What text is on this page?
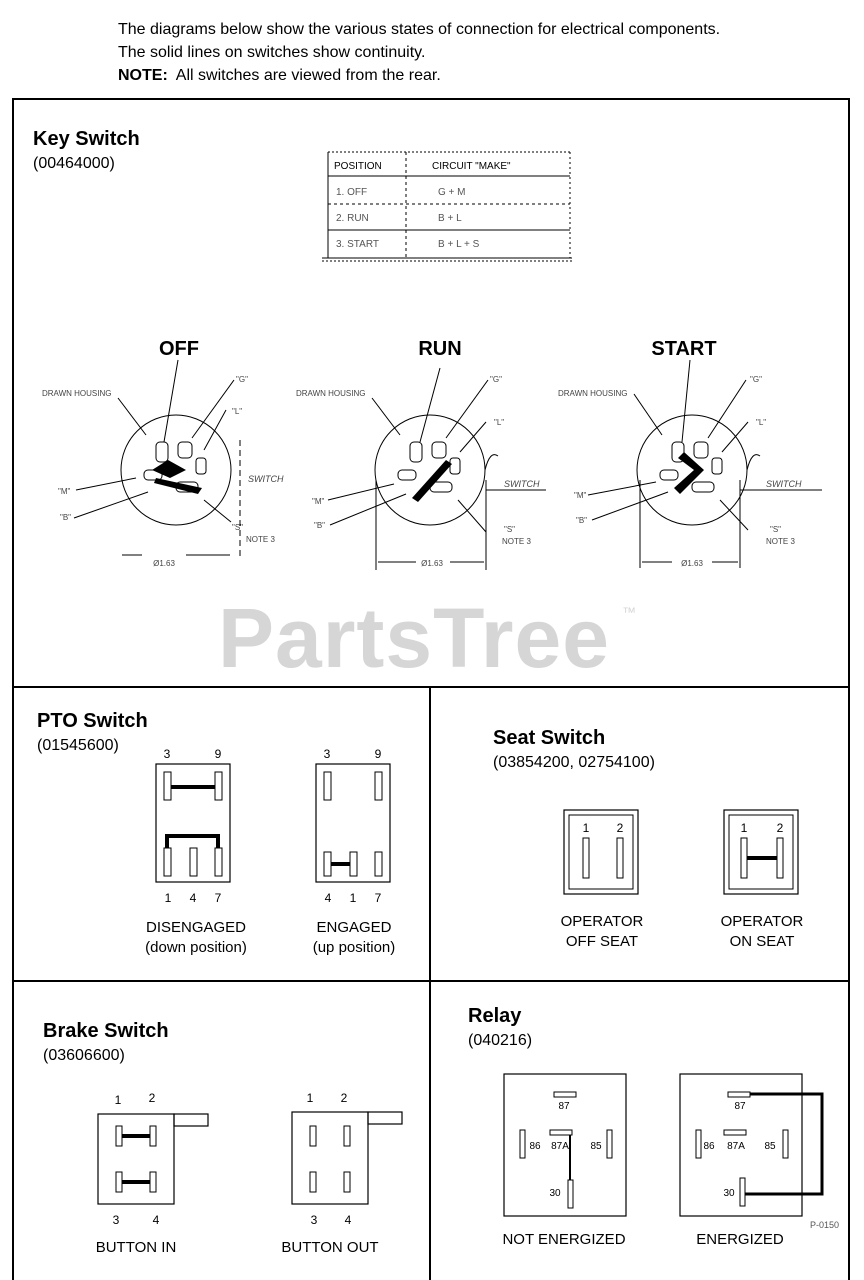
The diagrams below show the various states of connection for electrical components.
The solid lines on switches show continuity.
NOTE: All switches are viewed from the rear.
PartsTree ™
Key Switch
(00464000)	POSITION	CIRCUIT "MAKE"
1. OFF	G + M
2. RUN	B + L
3. START	B + L + S
OFF
DRAWN HOUSING
"G"
"L"
"M"
"B"
"S"
NOTE 3
SWITCH
Ø1.63
RUN
DRAWN HOUSING
"G"
"L"
"M"
"B"	"S"
NOTE 3
SWITCH
Ø1.63
START
DRAWN HOUSING
"G"
"L"
"M"
"B"
"S"
NOTE 3
SWITCH
Ø1.63
PTO Switch
(01545600)	3	9
1 4 7
DISENGAGED
(down position)
3	9
4 1 7
ENGAGED
(up position)
Seat Switch
(03854200, 02754100)
1 2
OPERATOR
OFF SEAT
1 2
OPERATOR
ON SEAT
Brake Switch
(03606600)
1 2
3	4
BUTTON IN
1 2
3 4
BUTTON OUT
Relay
(040216)
87
86 87A 85
30
NOT ENERGIZED
87
86 87A 85
30
ENERGIZED
P-0150
